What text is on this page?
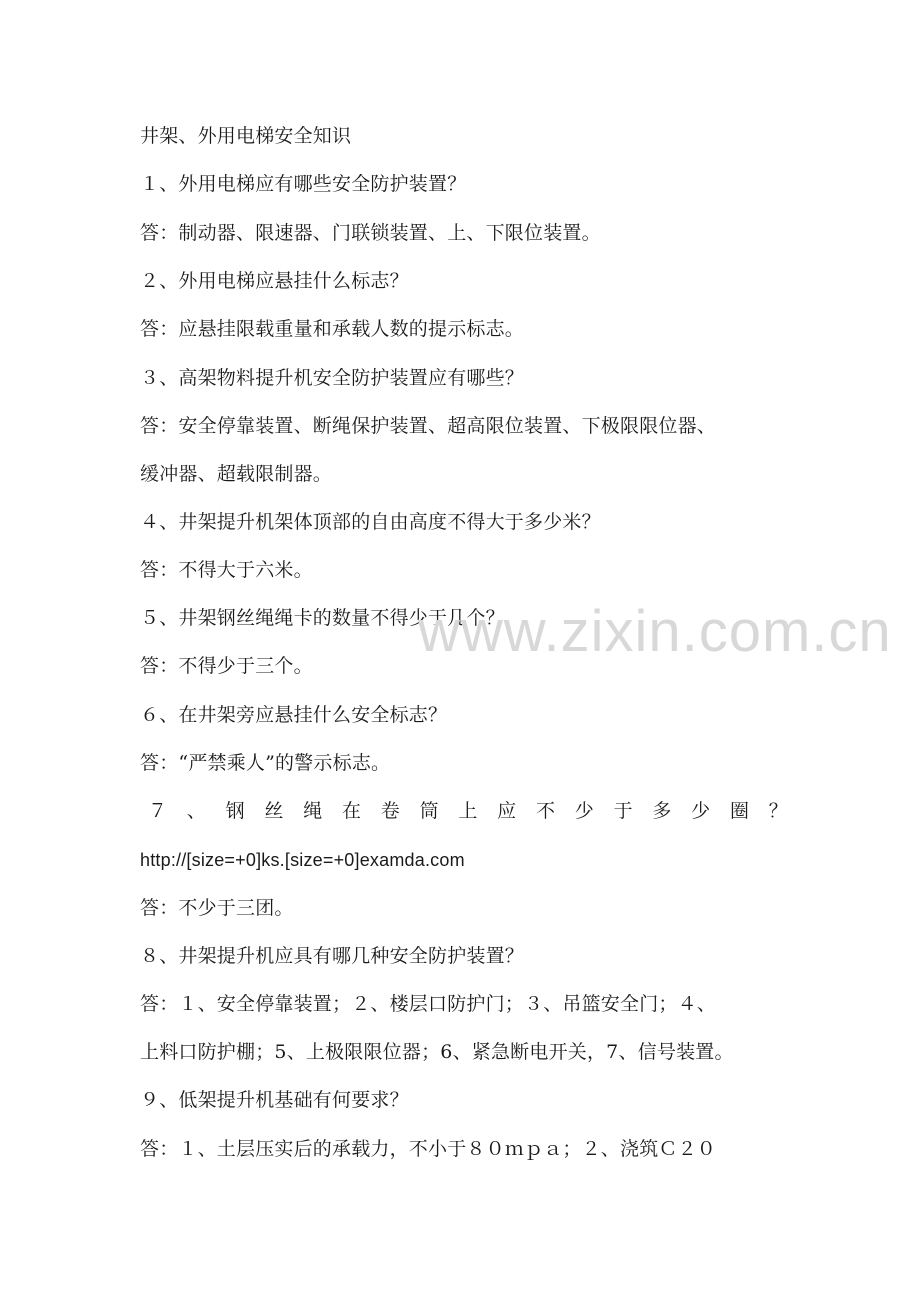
井架、外用电梯安全知识
１、外用电梯应有哪些安全防护装置？
答：制动器、限速器、门联锁装置、上、下限位装置。
２、外用电梯应悬挂什么标志？
答：应悬挂限载重量和承载人数的提示标志。
３、高架物料提升机安全防护装置应有哪些？
答：安全停靠装置、断绳保护装置、超高限位装置、下极限限位器、
缓冲器、超载限制器。
４、井架提升机架体顶部的自由高度不得大于多少米？
答：不得大于六米。
５、井架钢丝绳绳卡的数量不得少于几个？
答：不得少于三个。
６、在井架旁应悬挂什么安全标志？
答：“严禁乘人”的警示标志。
７ 、 钢 丝 绳 在 卷 筒 上 应 不 少 于 多 少 圈 ？
http://[size=+0]ks.[size=+0]examda.com
答：不少于三团。
８、井架提升机应具有哪几种安全防护装置？
答：１、安全停靠装置；２、楼层口防护门；３、吊篮安全门；４、
上料口防护棚；5、上极限限位器；6、紧急断电开关，7、信号装置。
９、低架提升机基础有何要求？
答：１、土层压实后的承载力，不小于８０ｍｐａ；２、浇筑Ｃ２０
www.zixin.com.cn
